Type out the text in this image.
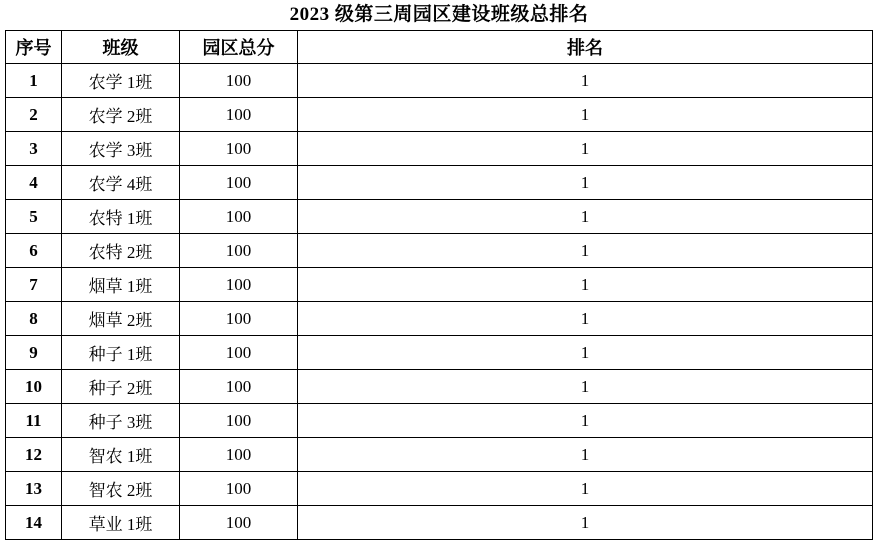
2023 级第三周园区建设班级总排名
序号	班级	园区总分	排名
1	农学 1班	100	1
2	农学 2班	100	1
3	农学 3班	100	1
4	农学 4班	100	1
5	农特 1班	100	1
6	农特 2班	100	1
7	烟草 1班	100	1
8	烟草 2班	100	1
9	种子 1班	100	1
10	种子 2班	100	1
11	种子 3班	100	1
12	智农 1班	100	1
13	智农 2班	100	1
14	草业 1班	100	1
